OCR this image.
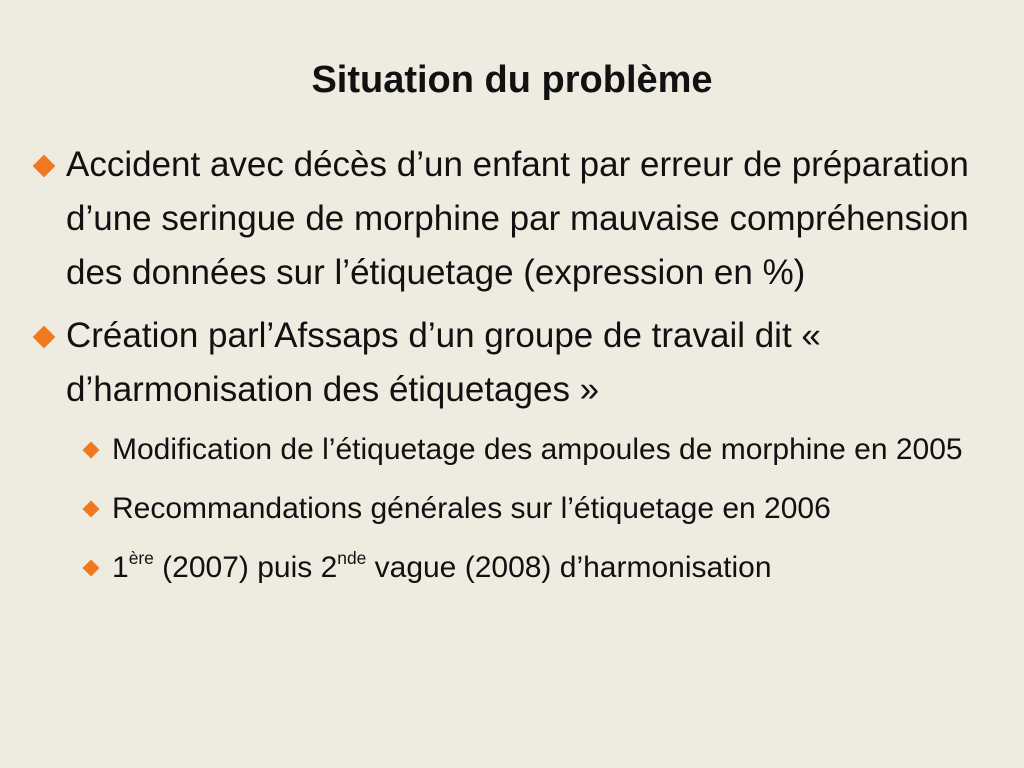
Situation du problème
Accident avec décès d’un enfant par erreur de préparation d’une seringue de morphine par mauvaise compréhension des données sur l’étiquetage (expression en %)
Création parl’Afssaps d’un groupe de travail dit « d’harmonisation des étiquetages »
Modification de l’étiquetage des ampoules de morphine en 2005
Recommandations générales sur l’étiquetage en 2006
1ère (2007) puis 2nde vague (2008) d’harmonisation
